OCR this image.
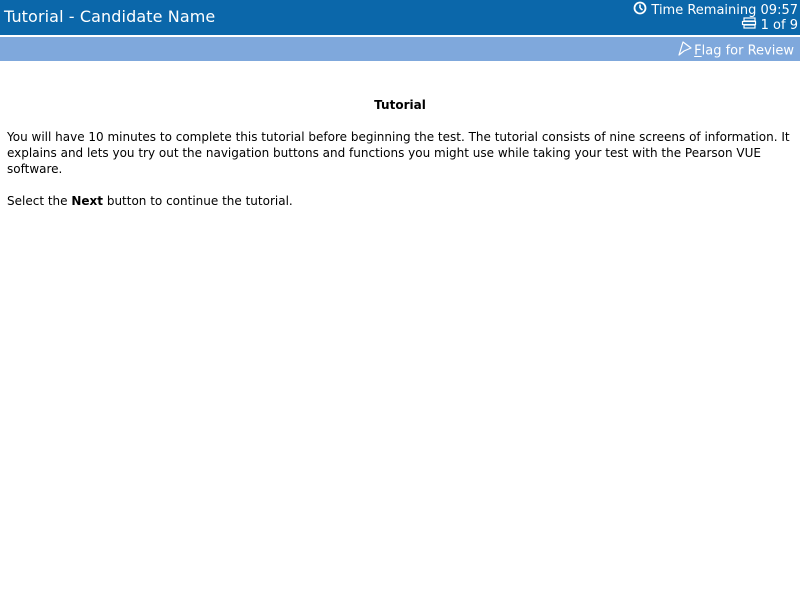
Tutorial - Candidate Name	Time Remaining 09:57
1 of 9
Flag for Review
Tutorial
You will have 10 minutes to complete this tutorial before beginning the test. The tutorial consists of nine screens of information. It explains and lets you try out the navigation buttons and functions you might use while taking your test with the Pearson VUE software.
Select the Next button to continue the tutorial.
